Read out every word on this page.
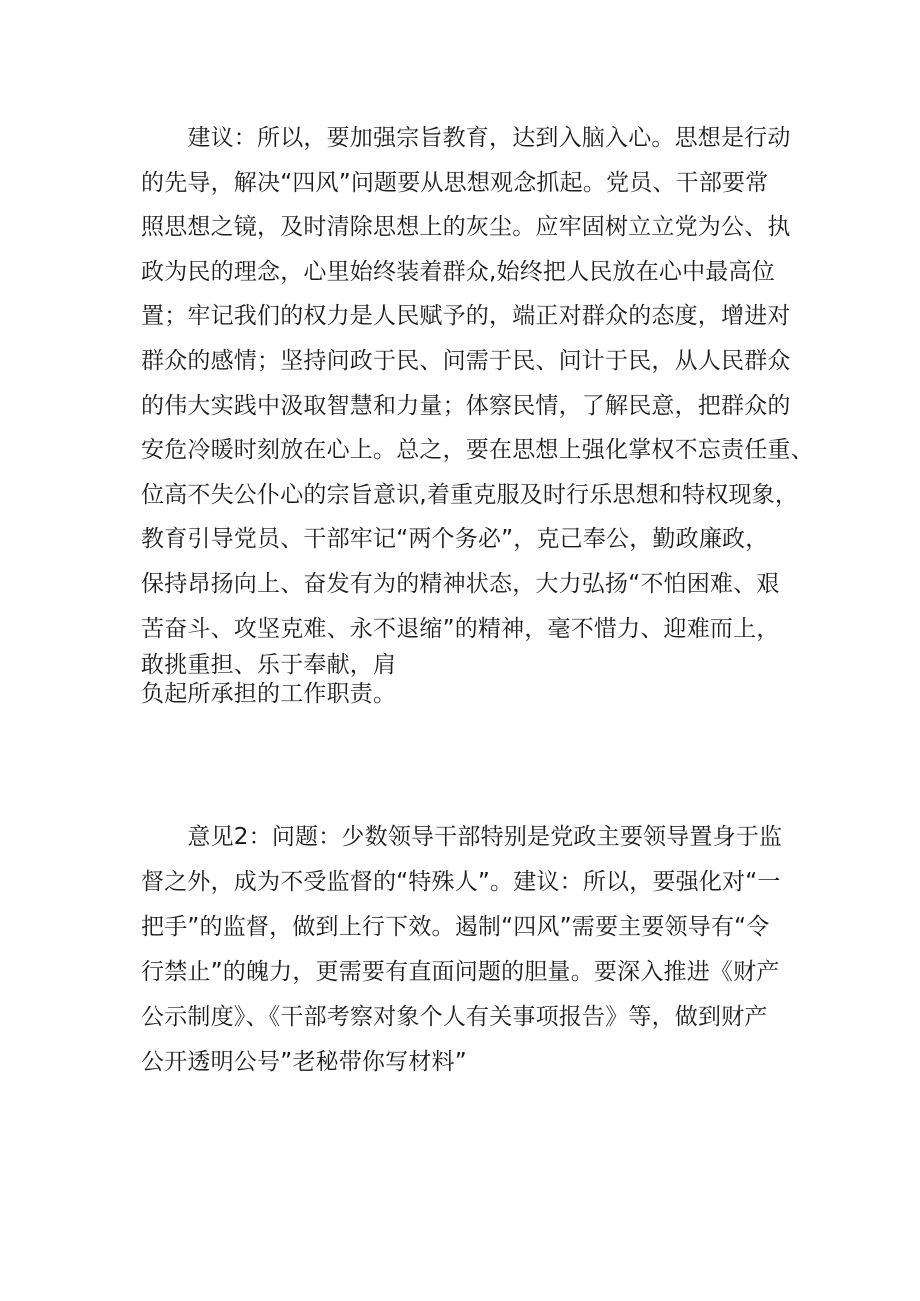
　　建议：所以，要加强宗旨教育，达到入脑入心。思想是行动
的先导，解决“四风”问题要从思想观念抓起。党员、干部要常
照思想之镜，及时清除思想上的灰尘。应牢固树立立党为公、执
政为民的理念，心里始终装着群众,始终把人民放在心中最高位
置；牢记我们的权力是人民赋予的，端正对群众的态度，增进对
群众的感情；坚持问政于民、问需于民、问计于民，从人民群众
的伟大实践中汲取智慧和力量；体察民情，了解民意，把群众的
安危冷暖时刻放在心上。总之，要在思想上强化掌权不忘责任重、
位高不失公仆心的宗旨意识,着重克服及时行乐思想和特权现象，
教育引导党员、干部牢记“两个务必”，克己奉公，勤政廉政，
保持昂扬向上、奋发有为的精神状态，大力弘扬“不怕困难、艰
苦奋斗、攻坚克难、永不退缩”的精神，毫不惜力、迎难而上，
敢挑重担、乐于奉献，肩
负起所承担的工作职责。
　　意见2：问题：少数领导干部特别是党政主要领导置身于监
督之外，成为不受监督的“特殊人”。建议：所以，要强化对“一
把手”的监督，做到上行下效。遏制“四风”需要主要领导有“令
行禁止”的魄力，更需要有直面问题的胆量。要深入推进《财产
公示制度》、《干部考察对象个人有关事项报告》等，做到财产
公开透明公号”老秘带你写材料”
